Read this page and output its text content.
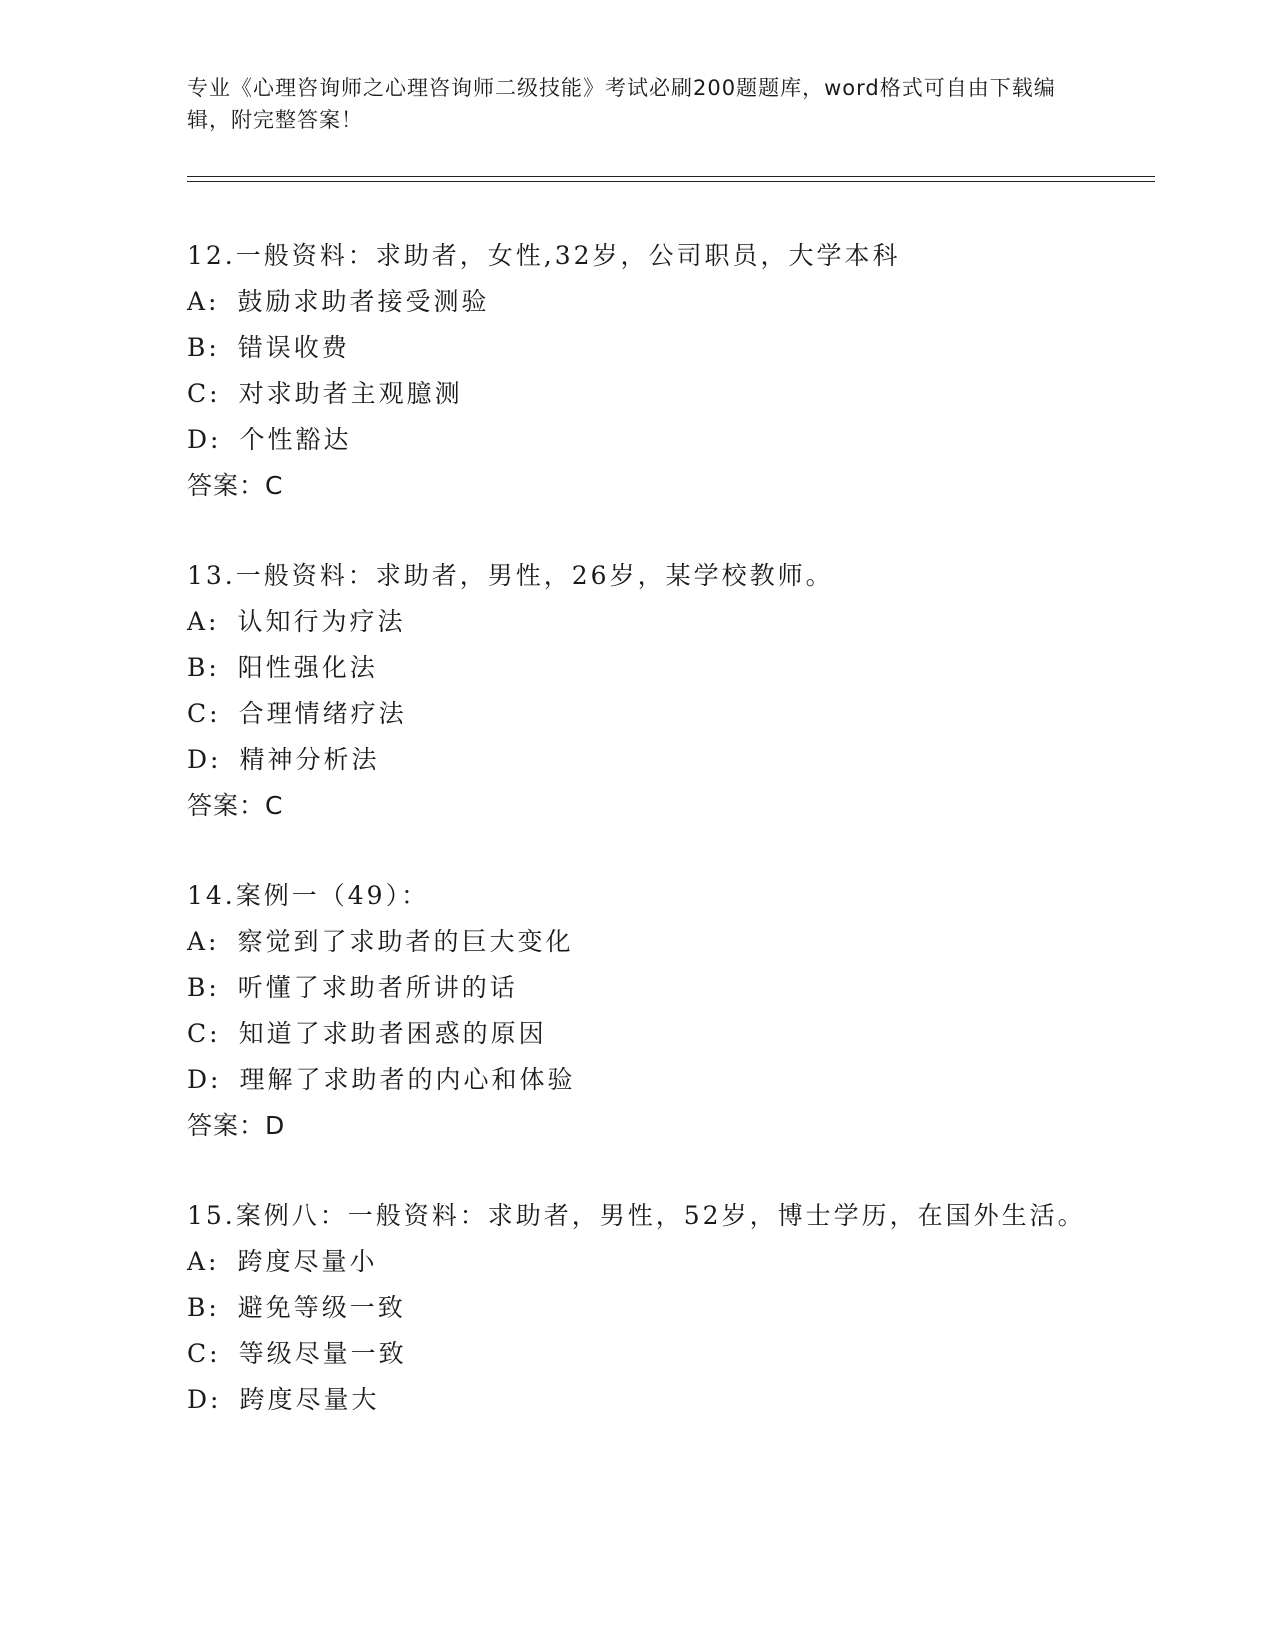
专业《心理咨询师之心理咨询师二级技能》考试必刷200题题库，word格式可自由下载编辑，附完整答案！
12.一般资料：求助者，女性,32岁，公司职员，大学本科
A: 鼓励求助者接受测验
B: 错误收费
C: 对求助者主观臆测
D: 个性豁达
答案：C
13.一般资料：求助者，男性，26岁，某学校教师。
A: 认知行为疗法
B: 阳性强化法
C: 合理情绪疗法
D: 精神分析法
答案：C
14.案例一（49）：
A: 察觉到了求助者的巨大变化
B: 听懂了求助者所讲的话
C: 知道了求助者困惑的原因
D: 理解了求助者的内心和体验
答案：D
15.案例八：一般资料：求助者，男性，52岁，博士学历，在国外生活。
A: 跨度尽量小
B: 避免等级一致
C: 等级尽量一致
D: 跨度尽量大
